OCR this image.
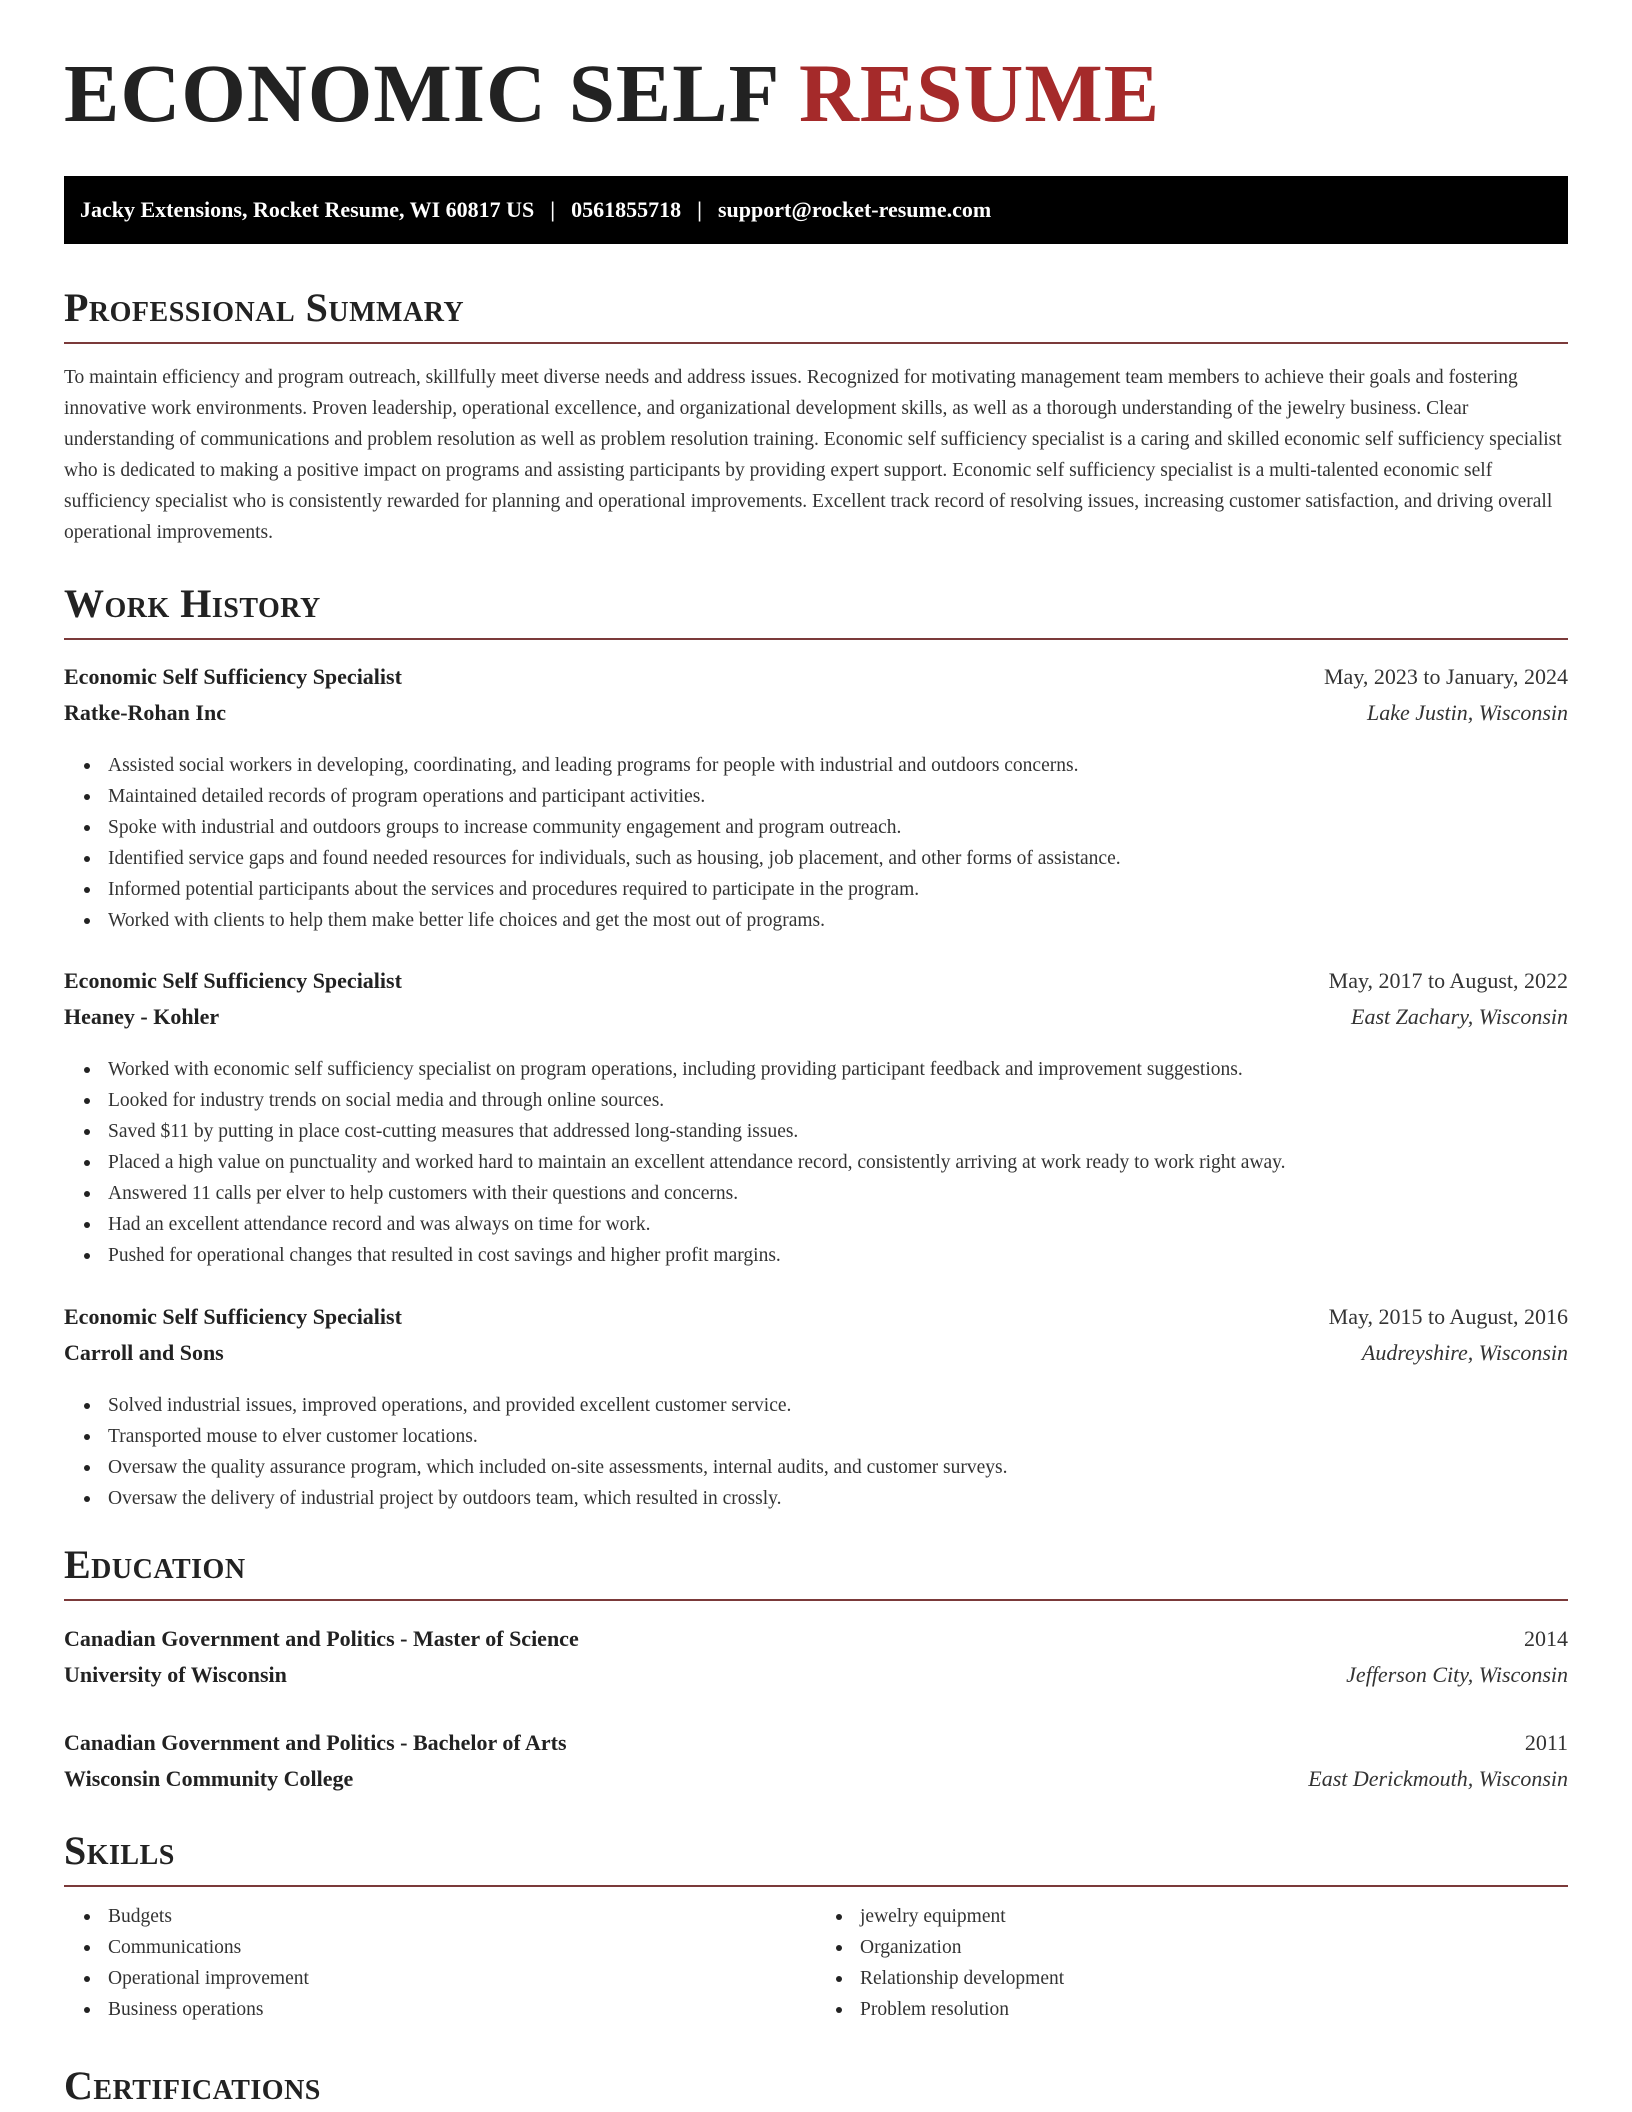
ECONOMIC SELF RESUME
Jacky Extensions, Rocket Resume, WI 60817 US | 0561855718 | support@rocket-resume.com
Professional Summary

To maintain efficiency and program outreach, skillfully meet diverse needs and address issues. Recognized for motivating management team members to achieve their goals and fostering innovative work environments. Proven leadership, operational excellence, and organizational development skills, as well as a thorough understanding of the jewelry business. Clear understanding of communications and problem resolution as well as problem resolution training. Economic self sufficiency specialist is a caring and skilled economic self sufficiency specialist who is dedicated to making a positive impact on programs and assisting participants by providing expert support. Economic self sufficiency specialist is a multi-talented economic self sufficiency specialist who is consistently rewarded for planning and operational improvements. Excellent track record of resolving issues, increasing customer satisfaction, and driving overall operational improvements.

Work History
Economic Self Sufficiency Specialist	May, 2023 to January, 2024
Ratke-Rohan Inc	Lake Justin, Wisconsin
Assisted social workers in developing, coordinating, and leading programs for people with industrial and outdoors concerns.
Maintained detailed records of program operations and participant activities.
Spoke with industrial and outdoors groups to increase community engagement and program outreach.
Identified service gaps and found needed resources for individuals, such as housing, job placement, and other forms of assistance.
Informed potential participants about the services and procedures required to participate in the program.
Worked with clients to help them make better life choices and get the most out of programs.
Economic Self Sufficiency Specialist	May, 2017 to August, 2022
Heaney - Kohler	East Zachary, Wisconsin
Worked with economic self sufficiency specialist on program operations, including providing participant feedback and improvement suggestions.
Looked for industry trends on social media and through online sources.
Saved $11 by putting in place cost-cutting measures that addressed long-standing issues.
Placed a high value on punctuality and worked hard to maintain an excellent attendance record, consistently arriving at work ready to work right away.
Answered 11 calls per elver to help customers with their questions and concerns.
Had an excellent attendance record and was always on time for work.
Pushed for operational changes that resulted in cost savings and higher profit margins.
Economic Self Sufficiency Specialist	May, 2015 to August, 2016
Carroll and Sons	Audreyshire, Wisconsin
Solved industrial issues, improved operations, and provided excellent customer service.
Transported mouse to elver customer locations.
Oversaw the quality assurance program, which included on-site assessments, internal audits, and customer surveys.
Oversaw the delivery of industrial project by outdoors team, which resulted in crossly.
Education
Canadian Government and Politics - Master of Science	2014
University of Wisconsin	Jefferson City, Wisconsin
Canadian Government and Politics - Bachelor of Arts	2011
Wisconsin Community College	East Derickmouth, Wisconsin
Skills
Budgets
Communications
Operational improvement
Business operations
jewelry equipment
Organization
Relationship development
Problem resolution
Certifications
